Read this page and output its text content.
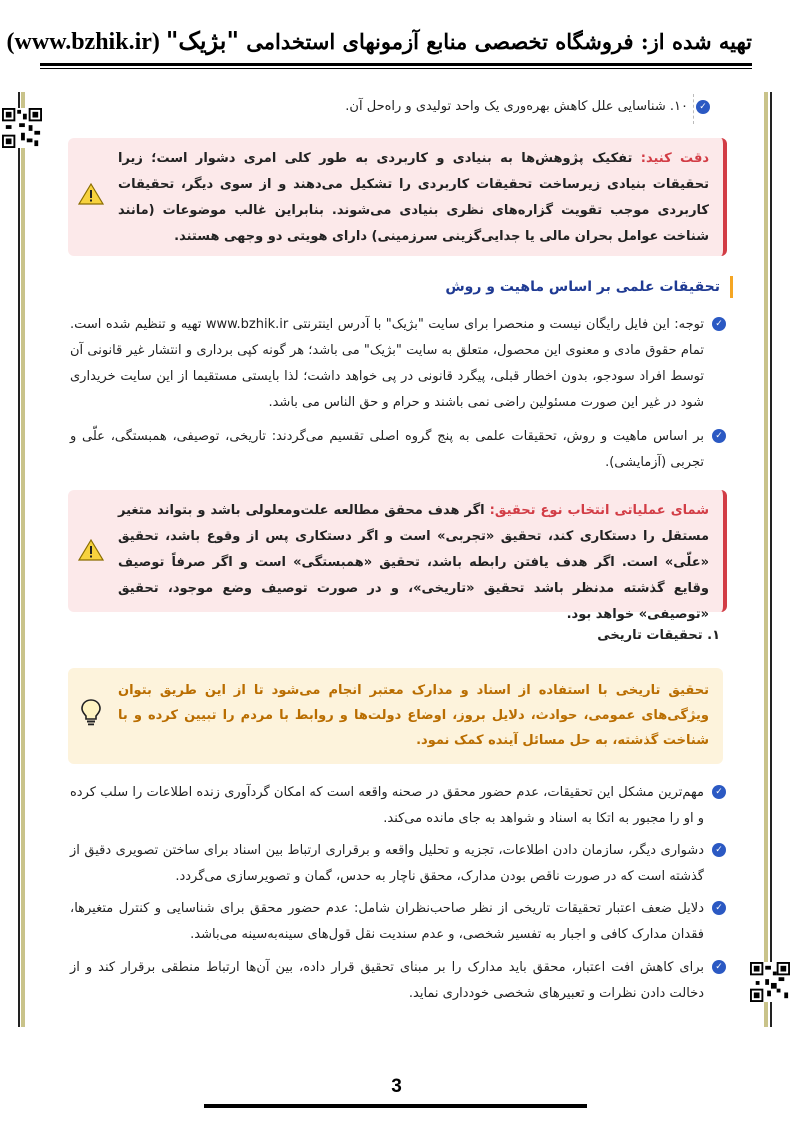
تهیه شده از: فروشگاه تخصصی منابع آزمونهای استخدامی "بژیک" (www.bzhik.ir)
✓
۱۰. شناسایی علل کاهش بهره‌وری یک واحد تولیدی و راه‌حل آن.
دقت کنید: تفکیک پژوهش‌ها به بنیادی و کاربردی به طور کلی امری دشوار است؛ زیرا تحقیقات بنیادی زیرساخت تحقیقات کاربردی را تشکیل می‌دهند و از سوی دیگر، تحقیقات کاربردی موجب تقویت گزاره‌های نظری بنیادی می‌شوند. بنابراین غالب موضوعات (مانند شناخت عوامل بحران مالی یا جدایی‌گزینی سرزمینی) دارای هویتی دو وجهی هستند.
تحقیقات علمی بر اساس ماهیت و روش
✓
توجه: این فایل رایگان نیست و منحصرا برای سایت "بژیک" با آدرس اینترنتی www.bzhik.ir تهیه و تنظیم شده است. تمام حقوق مادی و معنوی این محصول، متعلق به سایت "بژیک" می باشد؛ هر گونه کپی برداری و انتشار غیر قانونی آن توسط افراد سودجو، بدون اخطار قبلی، پیگرد قانونی در پی خواهد داشت؛ لذا بایستی مستقیما از این سایت خریداری شود در غیر این صورت مسئولین راضی نمی باشند و حرام و حق الناس می باشد.
✓
بر اساس ماهیت و روش، تحقیقات علمی به پنج گروه اصلی تقسیم می‌گردند: تاریخی، توصیفی، همبستگی، علّی و تجربی (آزمایشی).
شمای عملیاتی انتخاب نوع تحقیق: اگر هدف محقق مطالعه علت‌ومعلولی باشد و بتواند متغیر مستقل را دستکاری کند، تحقیق «تجربی» است و اگر دستکاری پس از وقوع باشد، تحقیق «علّی» است. اگر هدف یافتن رابطه باشد، تحقیق «همبستگی» است و اگر صرفاً توصیف وقایع گذشته مدنظر باشد تحقیق «تاریخی»، و در صورت توصیف وضع موجود، تحقیق «توصیفی» خواهد بود.
۱. تحقیقات تاریخی
تحقیق تاریخی با استفاده از اسناد و مدارک معتبر انجام می‌شود تا از این طریق بتوان ویژگی‌های عمومی، حوادث، دلایل بروز، اوضاع دولت‌ها و روابط با مردم را تبیین کرده و با شناخت گذشته، به حل مسائل آینده کمک نمود.
✓
مهم‌ترین مشکل این تحقیقات، عدم حضور محقق در صحنه واقعه است که امکان گردآوری زنده اطلاعات را سلب کرده و او را مجبور به اتکا به اسناد و شواهد به جای مانده می‌کند.
✓
دشواری دیگر، سازمان دادن اطلاعات، تجزیه و تحلیل واقعه و برقراری ارتباط بین اسناد برای ساختن تصویری دقیق از گذشته است که در صورت ناقص بودن مدارک، محقق ناچار به حدس، گمان و تصویرسازی می‌گردد.
✓
دلایل ضعف اعتبار تحقیقات تاریخی از نظر صاحب‌نظران شامل: عدم حضور محقق برای شناسایی و کنترل متغیرها، فقدان مدارک کافی و اجبار به تفسیر شخصی، و عدم سندیت نقل قول‌های سینه‌به‌سینه می‌باشد.
✓
برای کاهش افت اعتبار، محقق باید مدارک را بر مبنای تحقیق قرار داده، بین آن‌ها ارتباط منطقی برقرار کند و از دخالت دادن نظرات و تعبیرهای شخصی خودداری نماید.
3
